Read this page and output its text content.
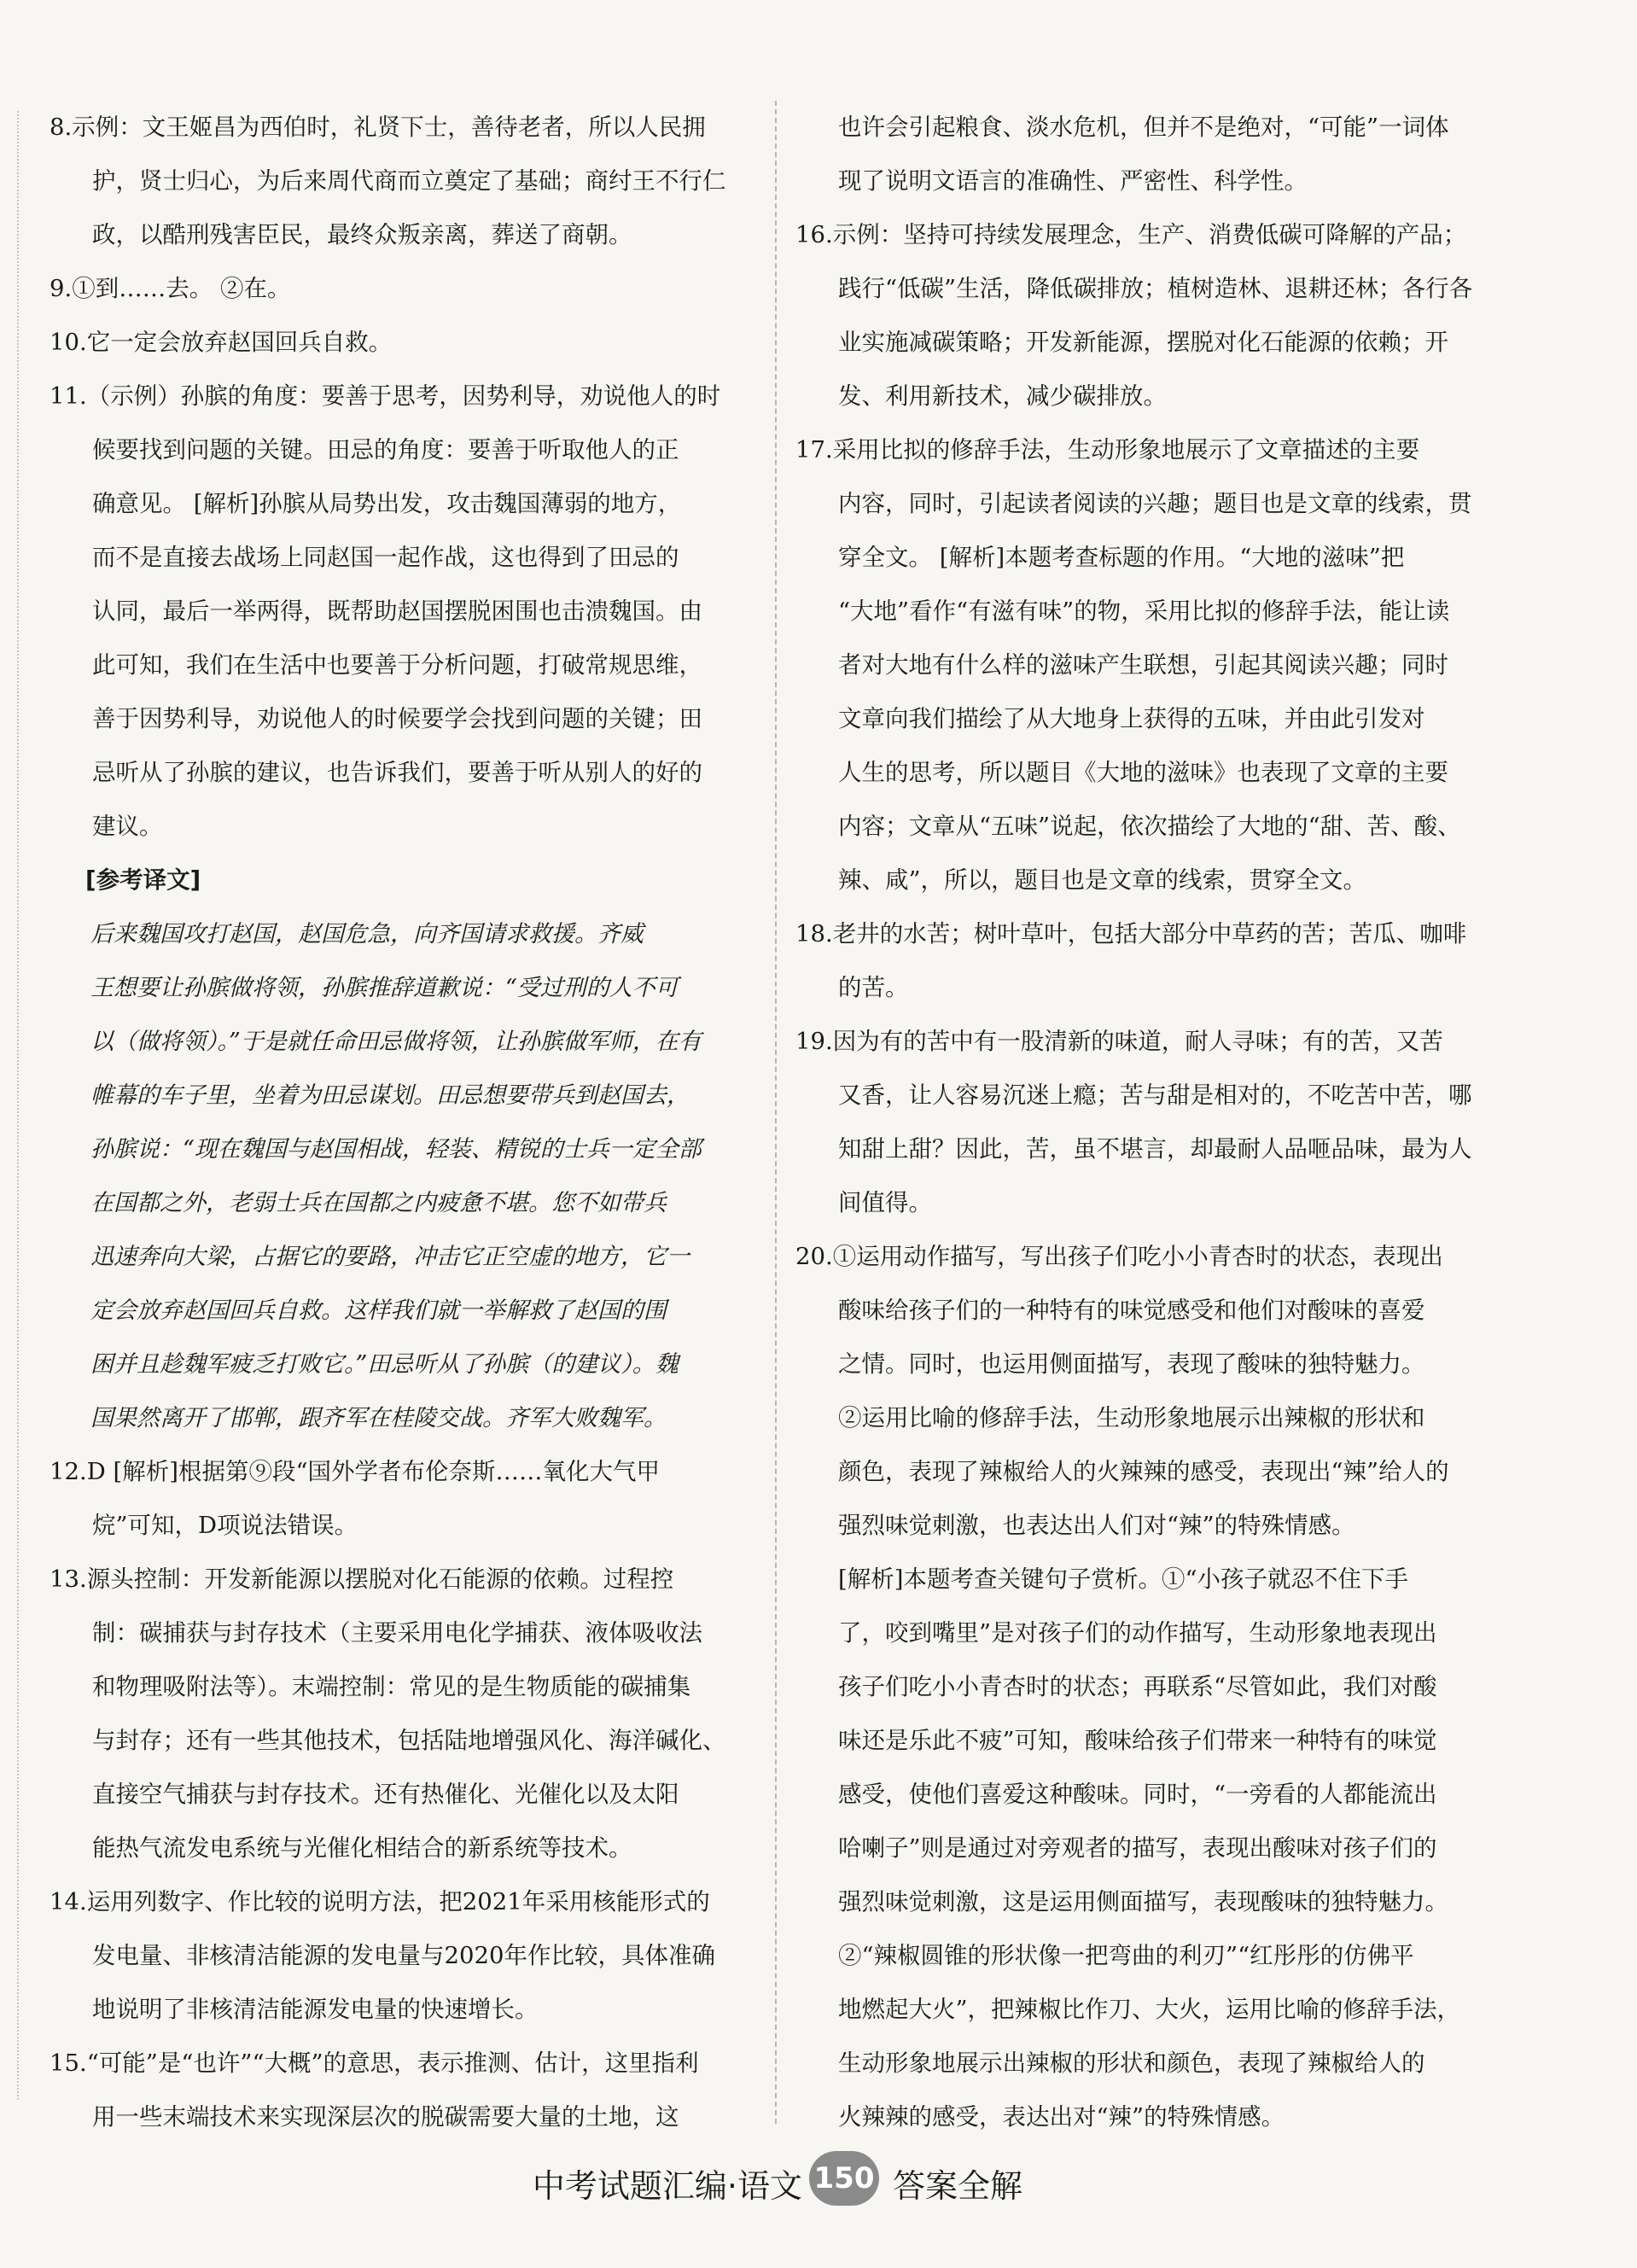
8.示例：文王姬昌为西伯时，礼贤下士，善待老者，所以人民拥
护，贤士归心，为后来周代商而立奠定了基础；商纣王不行仁
政，以酷刑残害臣民，最终众叛亲离，葬送了商朝。
9.①到……去。 ②在。
10.它一定会放弃赵国回兵自救。
11.（示例）孙膑的角度：要善于思考，因势利导，劝说他人的时
候要找到问题的关键。田忌的角度：要善于听取他人的正
确意见。 [解析]孙膑从局势出发，攻击魏国薄弱的地方，
而不是直接去战场上同赵国一起作战，这也得到了田忌的
认同，最后一举两得，既帮助赵国摆脱困围也击溃魏国。由
此可知，我们在生活中也要善于分析问题，打破常规思维，
善于因势利导，劝说他人的时候要学会找到问题的关键；田
忌听从了孙膑的建议，也告诉我们，要善于听从别人的好的
建议。
[参考译文]
后来魏国攻打赵国，赵国危急，向齐国请求救援。齐威
王想要让孙膑做将领，孙膑推辞道歉说：“受过刑的人不可
以（做将领）。”于是就任命田忌做将领，让孙膑做军师，在有
帷幕的车子里，坐着为田忌谋划。田忌想要带兵到赵国去，
孙膑说：“现在魏国与赵国相战，轻装、精锐的士兵一定全部
在国都之外，老弱士兵在国都之内疲惫不堪。您不如带兵
迅速奔向大梁，占据它的要路，冲击它正空虚的地方，它一
定会放弃赵国回兵自救。这样我们就一举解救了赵国的围
困并且趁魏军疲乏打败它。”田忌听从了孙膑（的建议）。魏
国果然离开了邯郸，跟齐军在桂陵交战。齐军大败魏军。
12.D [解析]根据第⑨段“国外学者布伦奈斯……氧化大气甲
烷”可知，D项说法错误。
13.源头控制：开发新能源以摆脱对化石能源的依赖。过程控
制：碳捕获与封存技术（主要采用电化学捕获、液体吸收法
和物理吸附法等）。末端控制：常见的是生物质能的碳捕集
与封存；还有一些其他技术，包括陆地增强风化、海洋碱化、
直接空气捕获与封存技术。还有热催化、光催化以及太阳
能热气流发电系统与光催化相结合的新系统等技术。
14.运用列数字、作比较的说明方法，把2021年采用核能形式的
发电量、非核清洁能源的发电量与2020年作比较，具体准确
地说明了非核清洁能源发电量的快速增长。
15.“可能”是“也许”“大概”的意思，表示推测、估计，这里指利
用一些末端技术来实现深层次的脱碳需要大量的土地，这
也许会引起粮食、淡水危机，但并不是绝对，“可能”一词体
现了说明文语言的准确性、严密性、科学性。
16.示例：坚持可持续发展理念，生产、消费低碳可降解的产品；
践行“低碳”生活，降低碳排放；植树造林、退耕还林；各行各
业实施减碳策略；开发新能源，摆脱对化石能源的依赖；开
发、利用新技术，减少碳排放。
17.采用比拟的修辞手法，生动形象地展示了文章描述的主要
内容，同时，引起读者阅读的兴趣；题目也是文章的线索，贯
穿全文。 [解析]本题考查标题的作用。“大地的滋味”把
“大地”看作“有滋有味”的物，采用比拟的修辞手法，能让读
者对大地有什么样的滋味产生联想，引起其阅读兴趣；同时
文章向我们描绘了从大地身上获得的五味，并由此引发对
人生的思考，所以题目《大地的滋味》也表现了文章的主要
内容；文章从“五味”说起，依次描绘了大地的“甜、苦、酸、
辣、咸”，所以，题目也是文章的线索，贯穿全文。
18.老井的水苦；树叶草叶，包括大部分中草药的苦；苦瓜、咖啡
的苦。
19.因为有的苦中有一股清新的味道，耐人寻味；有的苦，又苦
又香，让人容易沉迷上瘾；苦与甜是相对的，不吃苦中苦，哪
知甜上甜？因此，苦，虽不堪言，却最耐人品咂品味，最为人
间值得。
20.①运用动作描写，写出孩子们吃小小青杏时的状态，表现出
酸味给孩子们的一种特有的味觉感受和他们对酸味的喜爱
之情。同时，也运用侧面描写，表现了酸味的独特魅力。
②运用比喻的修辞手法，生动形象地展示出辣椒的形状和
颜色，表现了辣椒给人的火辣辣的感受，表现出“辣”给人的
强烈味觉刺激，也表达出人们对“辣”的特殊情感。
[解析]本题考查关键句子赏析。①“小孩子就忍不住下手
了，咬到嘴里”是对孩子们的动作描写，生动形象地表现出
孩子们吃小小青杏时的状态；再联系“尽管如此，我们对酸
味还是乐此不疲”可知，酸味给孩子们带来一种特有的味觉
感受，使他们喜爱这种酸味。同时，“一旁看的人都能流出
哈喇子”则是通过对旁观者的描写，表现出酸味对孩子们的
强烈味觉刺激，这是运用侧面描写，表现酸味的独特魅力。
②“辣椒圆锥的形状像一把弯曲的利刃”“红彤彤的仿佛平
地燃起大火”，把辣椒比作刀、大火，运用比喻的修辞手法，
生动形象地展示出辣椒的形状和颜色，表现了辣椒给人的
火辣辣的感受，表达出对“辣”的特殊情感。
中考试题汇编·语文 150 答案全解
